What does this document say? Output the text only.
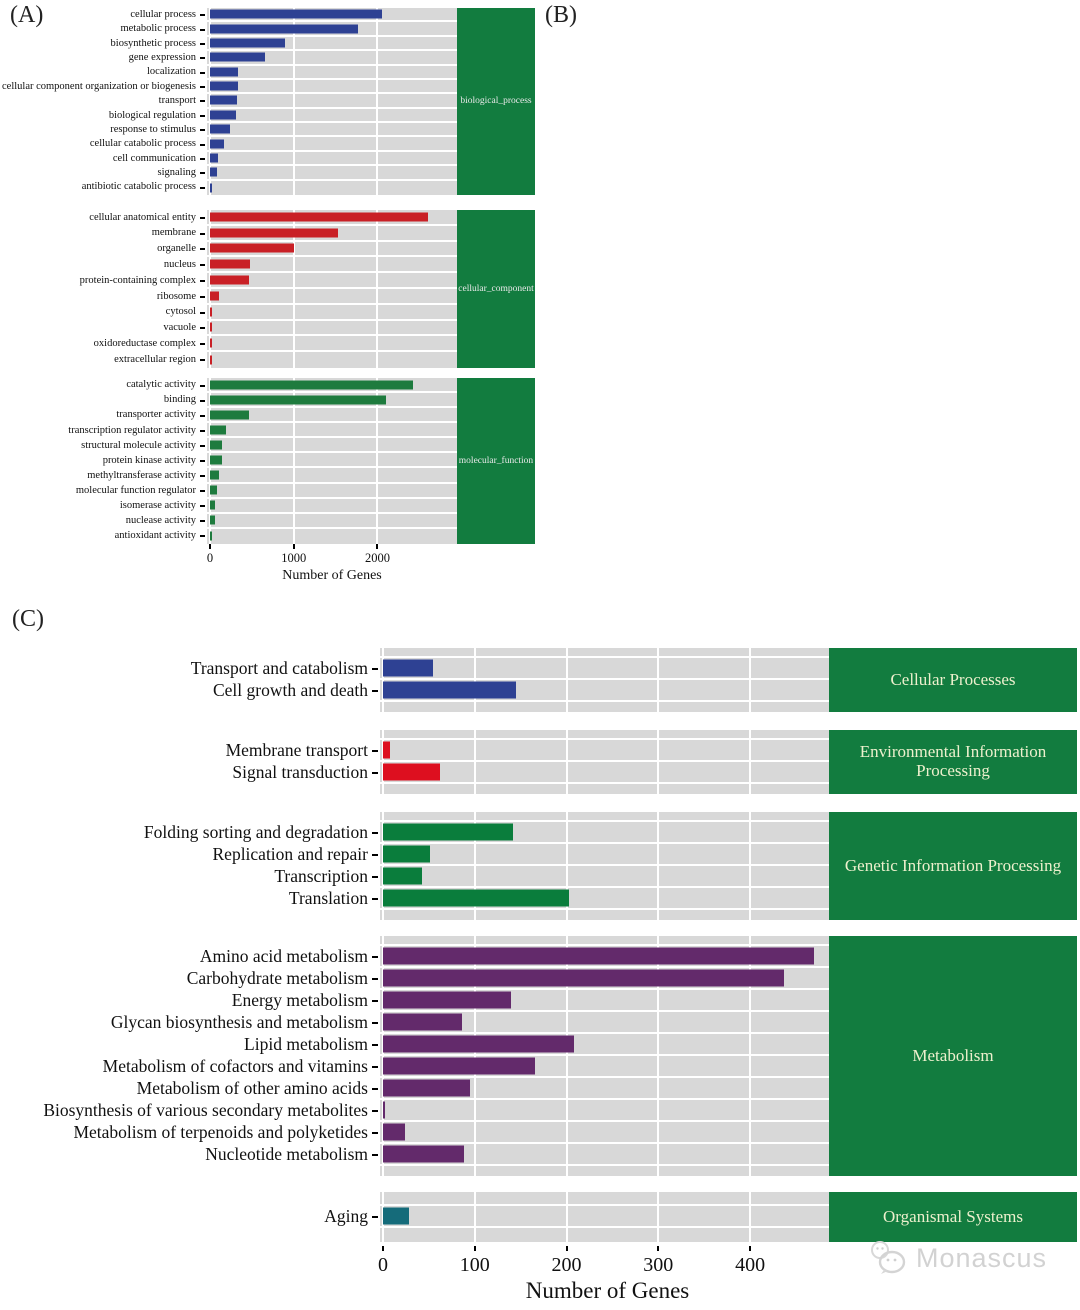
(A)	cellular process
metabolic process
biosynthetic process
gene expression
localization
cellular component organization or biogenesis
transport
biological regulation
response to stimulus
cellular catabolic process
cell communication
signaling
antibiotic catabolic process
biological_process
cellular anatomical entity
membrane
organelle
nucleus
protein-containing complex
ribosome
cytosol
vacuole
oxidoreductase complex
extracellular region
cellular_component
catalytic activity
binding
transporter activity
transcription regulator activity
structural molecule activity
protein kinase activity
methyltransferase activity
molecular function regulator
isomerase activity
nuclease activity
antioxidant activity
molecular_function
0	1000	2000
Number of Genes
(B)
(C)
Transport and catabolism
Cell growth and death
Cellular Processes
Membrane transport
Signal transduction
Environmental Information Processing
Folding sorting and degradation
Replication and repair
Transcription
Translation
Genetic Information Processing
Amino acid metabolism
Carbohydrate metabolism
Energy metabolism
Glycan biosynthesis and metabolism
Lipid metabolism
Metabolism of cofactors and vitamins
Metabolism of other amino acids
Biosynthesis of various secondary metabolites
Metabolism of terpenoids and polyketides
Nucleotide metabolism
Metabolism
Aging	Organismal Systems
0	100	200	300	400
Number of Genes
Monascus
